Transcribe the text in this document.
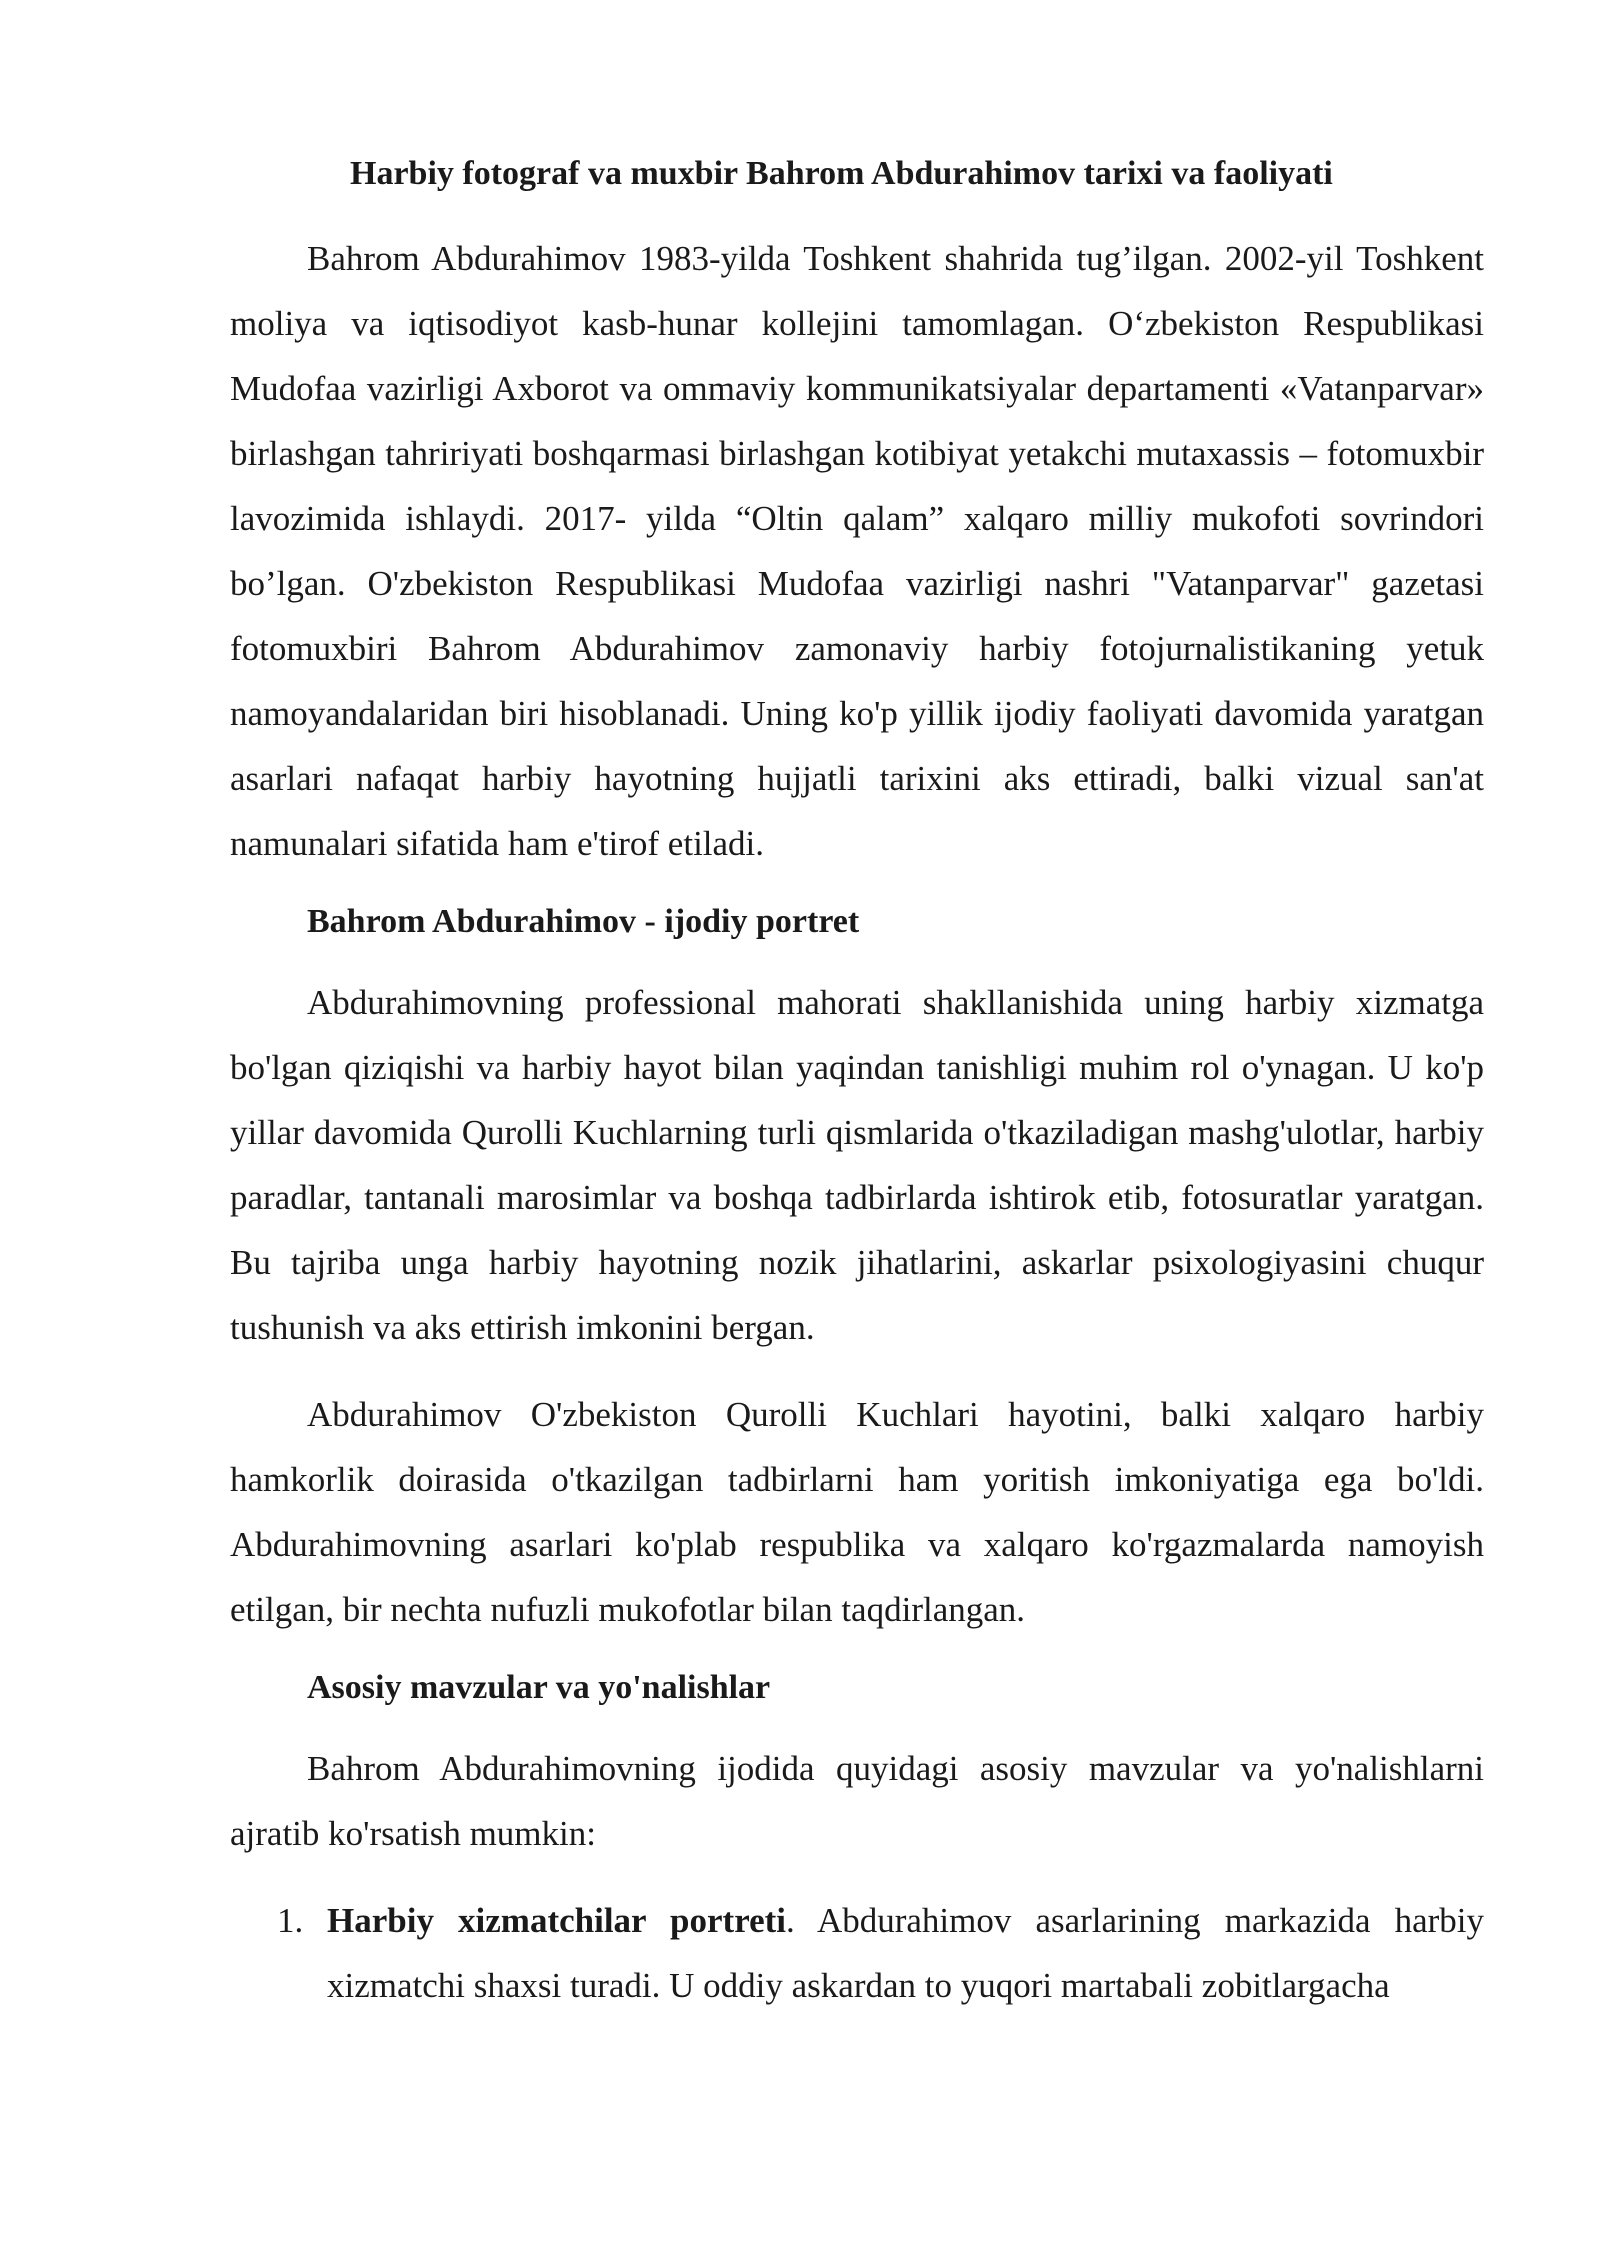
Harbiy fotograf va muxbir Bahrom Abdurahimov tarixi va faoliyati

Bahrom Abdurahimov 1983-yilda Toshkent shahrida tug’ilgan. 2002-yil Toshkent moliya va iqtisodiyot kasb-hunar kollejini tamomlagan. O‘zbekiston Respublikasi Mudofaa vazirligi Axborot va ommaviy kommunikatsiyalar departamenti «Vatanparvar» birlashgan tahririyati boshqarmasi birlashgan kotibiyat yetakchi mutaxassis – fotomuxbir lavozimida ishlaydi. 2017- yilda “Oltin qalam” xalqaro milliy mukofoti sovrindori bo’lgan. O'zbekiston Respublikasi Mudofaa vazirligi nashri "Vatanparvar" gazetasi fotomuxbiri Bahrom Abdurahimov zamonaviy harbiy fotojurnalistikaning yetuk namoyandalaridan biri hisoblanadi. Uning ko'p yillik ijodiy faoliyati davomida yaratgan asarlari nafaqat harbiy hayotning hujjatli tarixini aks ettiradi, balki vizual san'at namunalari sifatida ham e'tirof etiladi.

Bahrom Abdurahimov - ijodiy portret

Abdurahimovning professional mahorati shakllanishida uning harbiy xizmatga bo'lgan qiziqishi va harbiy hayot bilan yaqindan tanishligi muhim rol o'ynagan. U ko'p yillar davomida Qurolli Kuchlarning turli qismlarida o'tkaziladigan mashg'ulotlar, harbiy paradlar, tantanali marosimlar va boshqa tadbirlarda ishtirok etib, fotosuratlar yaratgan. Bu tajriba unga harbiy hayotning nozik jihatlarini, askarlar psixologiyasini chuqur tushunish va aks ettirish imkonini bergan.

Abdurahimov O'zbekiston Qurolli Kuchlari hayotini, balki xalqaro harbiy hamkorlik doirasida o'tkazilgan tadbirlarni ham yoritish imkoniyatiga ega bo'ldi. Abdurahimovning asarlari ko'plab respublika va xalqaro ko'rgazmalarda namoyish etilgan, bir nechta nufuzli mukofotlar bilan taqdirlangan.

Asosiy mavzular va yo'nalishlar

Bahrom Abdurahimovning ijodida quyidagi asosiy mavzular va yo'nalishlarni ajratib ko'rsatish mumkin:

1. Harbiy xizmatchilar portreti. Abdurahimov asarlarining markazida harbiy xizmatchi shaxsi turadi. U oddiy askardan to yuqori martabali zobitlargacha
